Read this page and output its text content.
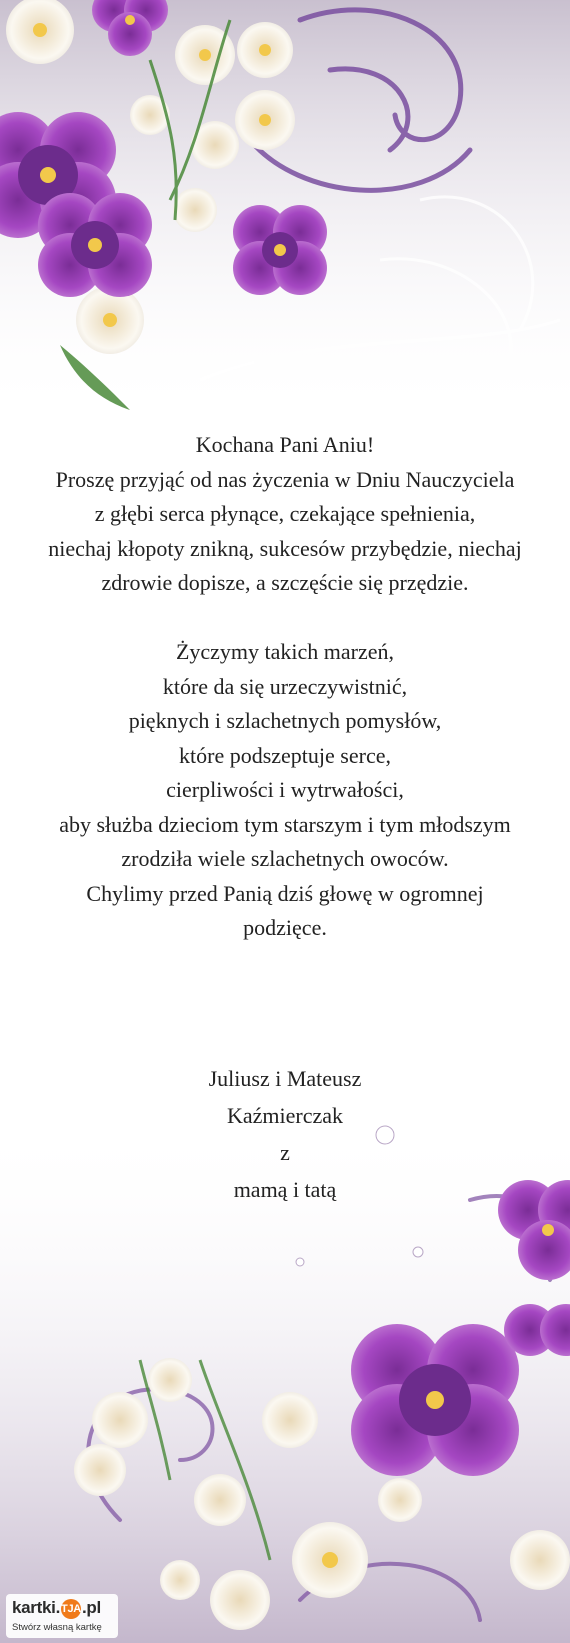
Kochana Pani Aniu!
Proszę przyjąć od nas życzenia w Dniu Nauczyciela
z głębi serca płynące, czekające spełnienia,
niechaj kłopoty znikną, sukcesów przybędzie, niechaj
zdrowie dopisze, a szczęście się przędzie.
Życzymy takich marzeń,
które da się urzeczywistnić,
pięknych i szlachetnych pomysłów,
które podszeptuje serce,
cierpliwości i wytrwałości,
aby służba dzieciom tym starszym i tym młodszym
zrodziła wiele szlachetnych owoców.
Chylimy przed Panią dziś głowę w ogromnej
podzięce.
Juliusz i Mateusz
Kaźmierczak
z
mamą i tatą
kartki.TJA.pl
Stwórz własną kartkę
